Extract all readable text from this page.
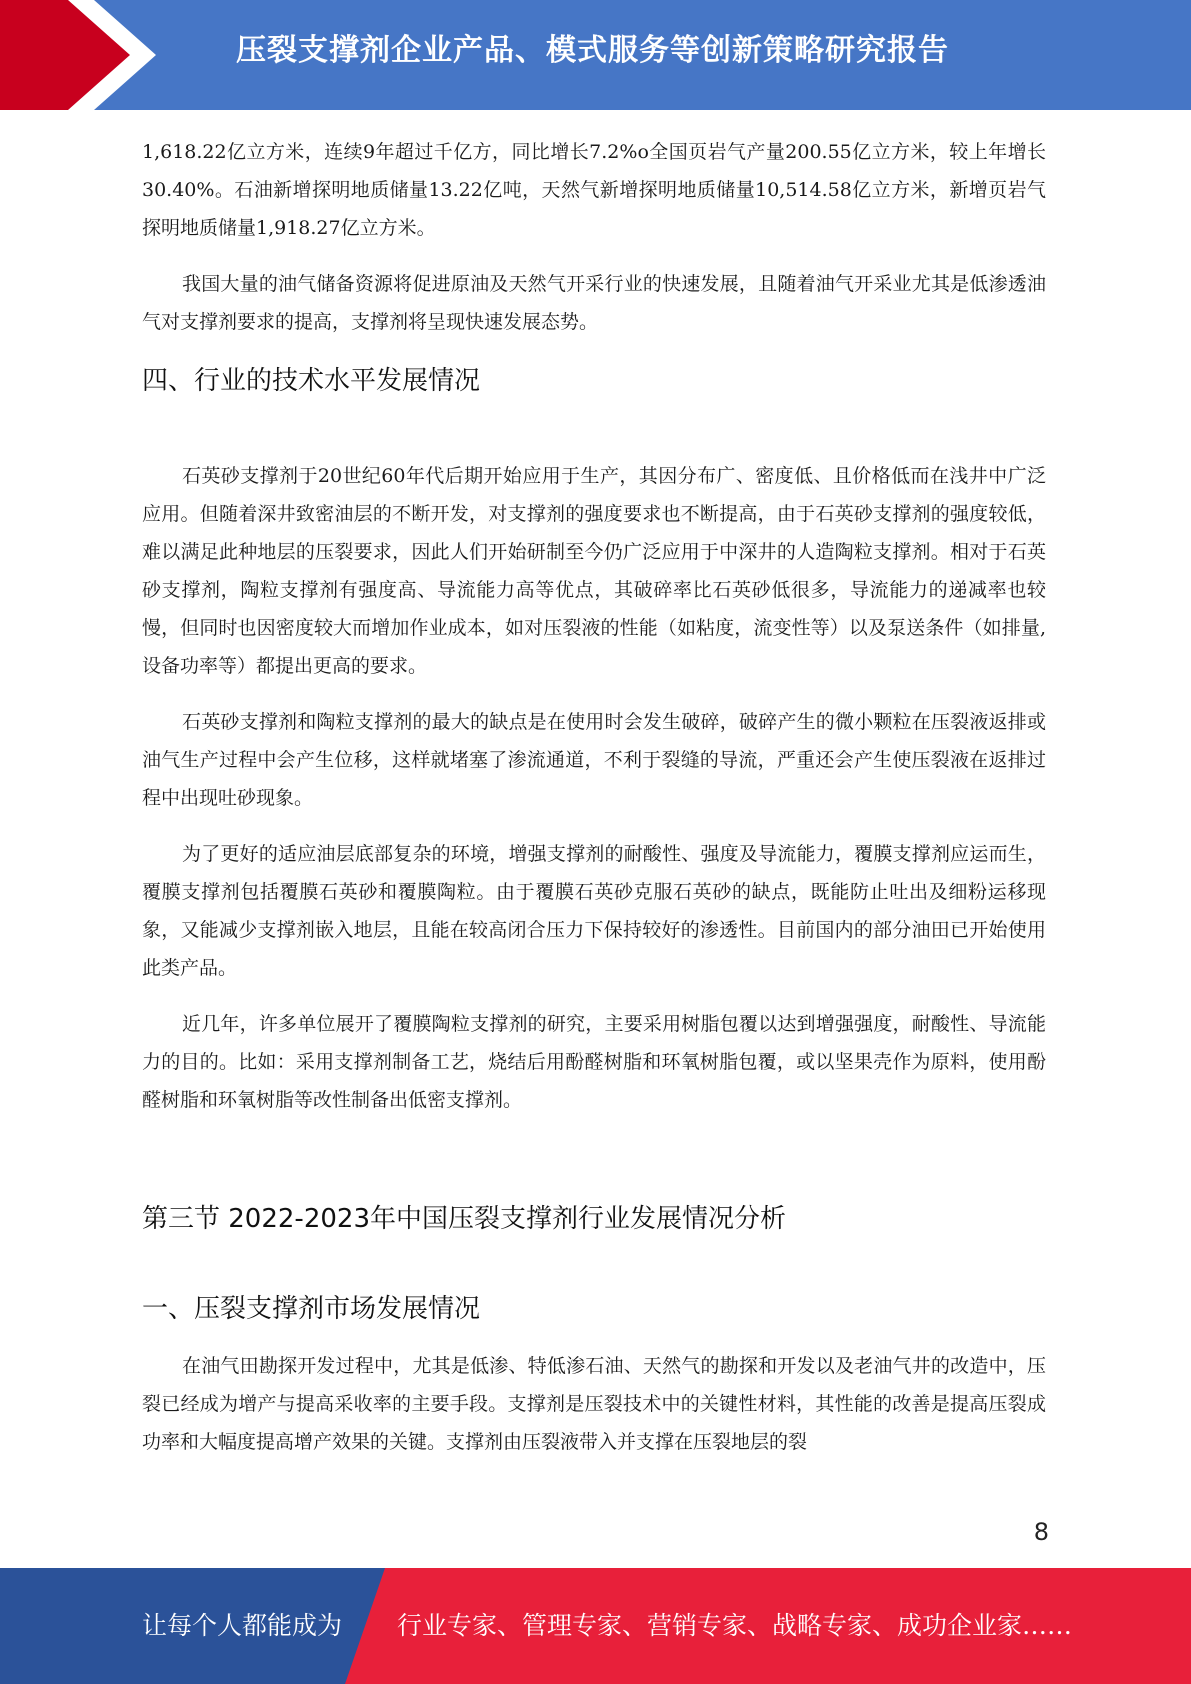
压裂支撑剂企业产品、模式服务等创新策略研究报告

1,618.22亿立方米，连续9年超过千亿方，同比增长7.2%o全国页岩气产量200.55亿立方米，较上年增长30.40%。石油新增探明地质储量13.22亿吨，天然气新增探明地质储量10,514.58亿立方米，新增页岩气探明地质储量1,918.27亿立方米。

我国大量的油气储备资源将促进原油及天然气开采行业的快速发展，且随着油气开采业尤其是低渗透油气对支撑剂要求的提高，支撑剂将呈现快速发展态势。

四、行业的技术水平发展情况

石英砂支撑剂于20世纪60年代后期开始应用于生产，其因分布广、密度低、且价格低而在浅井中广泛应用。但随着深井致密油层的不断开发，对支撑剂的强度要求也不断提高，由于石英砂支撑剂的强度较低，难以满足此种地层的压裂要求，因此人们开始研制至今仍广泛应用于中深井的人造陶粒支撑剂。相对于石英砂支撑剂，陶粒支撑剂有强度高、导流能力高等优点，其破碎率比石英砂低很多，导流能力的递减率也较慢，但同时也因密度较大而增加作业成本，如对压裂液的性能（如粘度，流变性等）以及泵送条件（如排量,设备功率等）都提出更高的要求。

石英砂支撑剂和陶粒支撑剂的最大的缺点是在使用时会发生破碎，破碎产生的微小颗粒在压裂液返排或油气生产过程中会产生位移，这样就堵塞了渗流通道，不利于裂缝的导流，严重还会产生使压裂液在返排过程中出现吐砂现象。

为了更好的适应油层底部复杂的环境，增强支撑剂的耐酸性、强度及导流能力，覆膜支撑剂应运而生，覆膜支撑剂包括覆膜石英砂和覆膜陶粒。由于覆膜石英砂克服石英砂的缺点，既能防止吐出及细粉运移现象，又能减少支撑剂嵌入地层，且能在较高闭合压力下保持较好的渗透性。目前国内的部分油田已开始使用此类产品。

近几年，许多单位展开了覆膜陶粒支撑剂的研究，主要采用树脂包覆以达到增强强度，耐酸性、导流能力的目的。比如：采用支撑剂制备工艺，烧结后用酚醛树脂和环氧树脂包覆，或以坚果壳作为原料，使用酚醛树脂和环氧树脂等改性制备出低密支撑剂。

第三节 2022-2023年中国压裂支撑剂行业发展情况分析
一、压裂支撑剂市场发展情况

在油气田勘探开发过程中，尤其是低渗、特低渗石油、天然气的勘探和开发以及老油气井的改造中，压裂已经成为增产与提高采收率的主要手段。支撑剂是压裂技术中的关键性材料，其性能的改善是提高压裂成功率和大幅度提高增产效果的关键。支撑剂由压裂液带入并支撑在压裂地层的裂

8
让每个人都能成为 行业专家、管理专家、营销专家、战略专家、成功企业家……
